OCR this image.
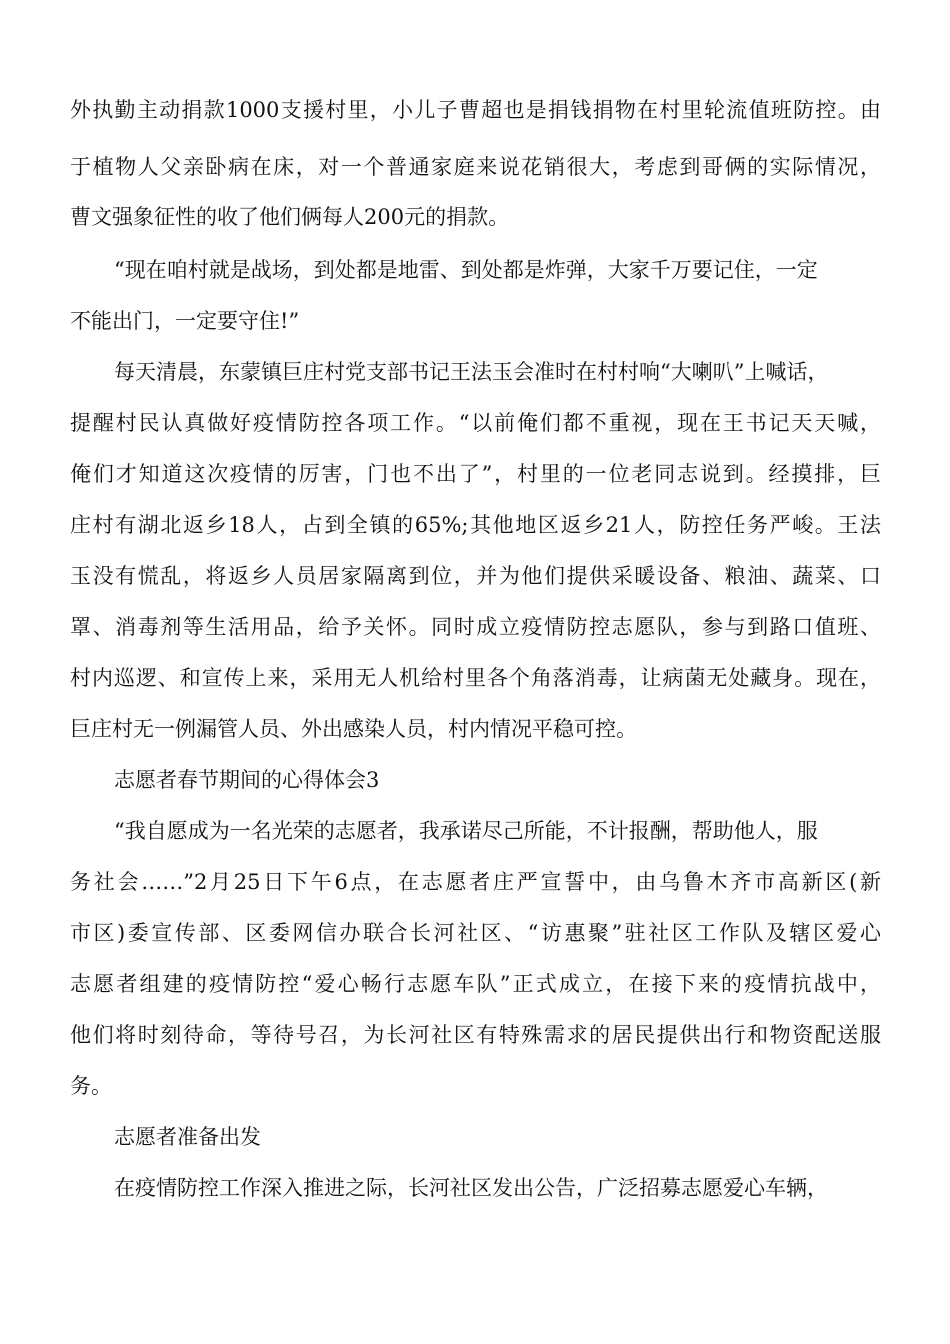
外执勤主动捐款1000支援村里，小儿子曹超也是捐钱捐物在村里轮流值班防控。由
于植物人父亲卧病在床，对一个普通家庭来说花销很大，考虑到哥俩的实际情况，
曹文强象征性的收了他们俩每人200元的捐款。
“现在咱村就是战场，到处都是地雷、到处都是炸弹，大家千万要记住，一定
不能出门，一定要守住!”
每天清晨，东蒙镇巨庄村党支部书记王法玉会准时在村村响“大喇叭”上喊话，
提醒村民认真做好疫情防控各项工作。“以前俺们都不重视，现在王书记天天喊，
俺们才知道这次疫情的厉害，门也不出了”，村里的一位老同志说到。经摸排，巨
庄村有湖北返乡18人，占到全镇的65%;其他地区返乡21人，防控任务严峻。王法
玉没有慌乱，将返乡人员居家隔离到位，并为他们提供采暖设备、粮油、蔬菜、口
罩、消毒剂等生活用品，给予关怀。同时成立疫情防控志愿队，参与到路口值班、
村内巡逻、和宣传上来，采用无人机给村里各个角落消毒，让病菌无处藏身。现在，
巨庄村无一例漏管人员、外出感染人员，村内情况平稳可控。
志愿者春节期间的心得体会3
“我自愿成为一名光荣的志愿者，我承诺尽己所能，不计报酬，帮助他人，服
务社会……”2月25日下午6点，在志愿者庄严宣誓中，由乌鲁木齐市高新区(新
市区)委宣传部、区委网信办联合长河社区、“访惠聚”驻社区工作队及辖区爱心
志愿者组建的疫情防控“爱心畅行志愿车队”正式成立，在接下来的疫情抗战中，
他们将时刻待命，等待号召，为长河社区有特殊需求的居民提供出行和物资配送服
务。
志愿者准备出发
在疫情防控工作深入推进之际，长河社区发出公告，广泛招募志愿爱心车辆，
